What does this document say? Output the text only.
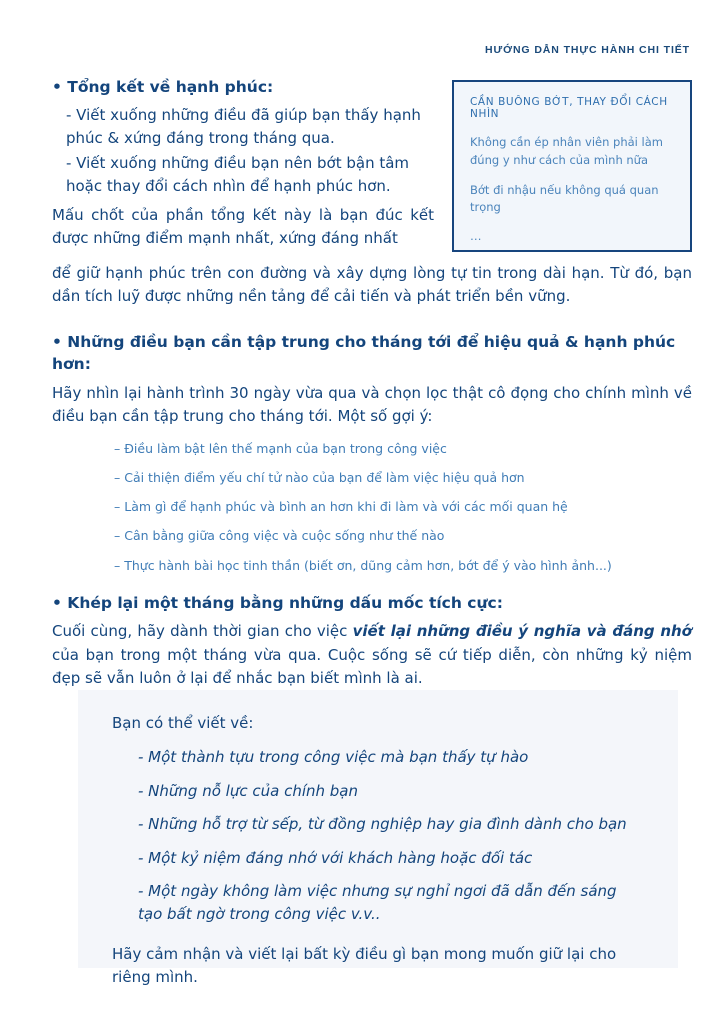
HƯỚNG DẪN THỰC HÀNH CHI TIẾT
CẦN BUÔNG BỚT, THAY ĐỔI CÁCH NHÌN
Không cần ép nhân viên phải làm đúng y như cách của mình nữa
Bớt đi nhậu nếu không quá quan trọng
…

• Tổng kết về hạnh phúc:

- Viết xuống những điều đã giúp bạn thấy hạnh phúc & xứng đáng trong tháng qua.

- Viết xuống những điều bạn nên bớt bận tâm hoặc thay đổi cách nhìn để hạnh phúc hơn.

Mấu chốt của phần tổng kết này là bạn đúc kết được những điểm mạnh nhất, xứng đáng nhất

để giữ hạnh phúc trên con đường và xây dựng lòng tự tin trong dài hạn. Từ đó, bạn dần tích luỹ được những nền tảng để cải tiến và phát triển bền vững.

• Những điều bạn cần tập trung cho tháng tới để hiệu quả & hạnh phúc hơn:

Hãy nhìn lại hành trình 30 ngày vừa qua và chọn lọc thật cô đọng cho chính mình về điều bạn cần tập trung cho tháng tới. Một số gợi ý:

– Điều làm bật lên thế mạnh của bạn trong công việc
– Cải thiện điểm yếu chí tử nào của bạn để làm việc hiệu quả hơn
– Làm gì để hạnh phúc và bình an hơn khi đi làm và với các mối quan hệ
– Cân bằng giữa công việc và cuộc sống như thế nào
– Thực hành bài học tinh thần (biết ơn, dũng cảm hơn, bớt để ý vào hình ảnh...)

• Khép lại một tháng bằng những dấu mốc tích cực:

Cuối cùng, hãy dành thời gian cho việc viết lại những điều ý nghĩa và đáng nhớ của bạn trong một tháng vừa qua. Cuộc sống sẽ cứ tiếp diễn, còn những kỷ niệm đẹp sẽ vẫn luôn ở lại để nhắc bạn biết mình là ai.

Bạn có thể viết về:

- Một thành tựu trong công việc mà bạn thấy tự hào

- Những nỗ lực của chính bạn

- Những hỗ trợ từ sếp, từ đồng nghiệp hay gia đình dành cho bạn

- Một kỷ niệm đáng nhớ với khách hàng hoặc đối tác

- Một ngày không làm việc nhưng sự nghỉ ngơi đã dẫn đến sáng tạo bất ngờ trong công việc v.v..

Hãy cảm nhận và viết lại bất kỳ điều gì bạn mong muốn giữ lại cho riêng mình.
